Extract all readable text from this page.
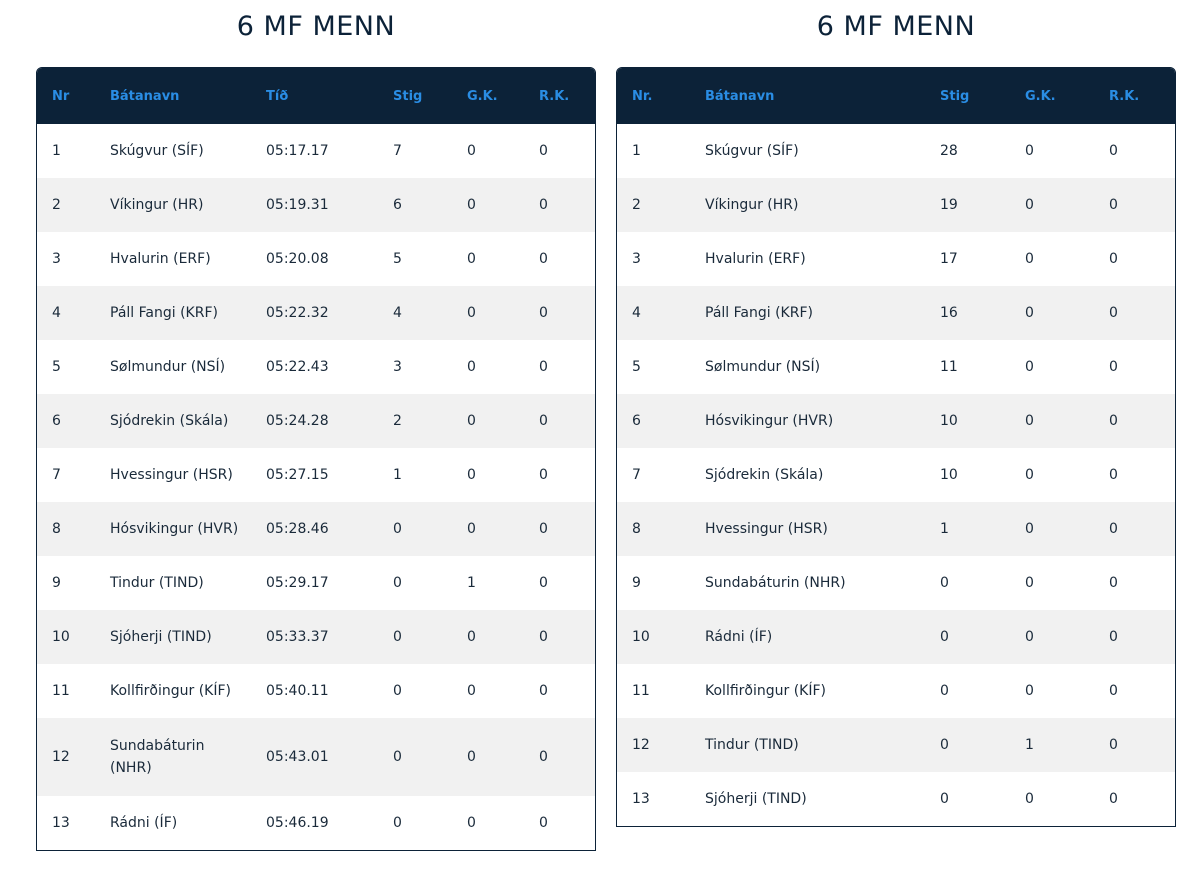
6 MF MENN
Nr	Bátanavn	Tíð	Stig	G.K.	R.K.
1	Skúgvur (SÍF)	05:17.17	7	0	0
2	Víkingur (HR)	05:19.31	6	0	0
3	Hvalurin (ERF)	05:20.08	5	0	0
4	Páll Fangi (KRF)	05:22.32	4	0	0
5	Sølmundur (NSÍ)	05:22.43	3	0	0
6	Sjódrekin (Skála)	05:24.28	2	0	0
7	Hvessingur (HSR)	05:27.15	1	0	0
8	Hósvikingur (HVR)	05:28.46	0	0	0
9	Tindur (TIND)	05:29.17	0	1	0
10	Sjóherji (TIND)	05:33.37	0	0	0
11	Kollfirðingur (KÍF)	05:40.11	0	0	0
12	Sundabáturin (NHR)	05:43.01	0	0	0
13	Rádni (ÍF)	05:46.19	0	0	0
6 MF MENN
Nr.	Bátanavn	Stig	G.K.	R.K.
1	Skúgvur (SÍF)	28	0	0
2	Víkingur (HR)	19	0	0
3	Hvalurin (ERF)	17	0	0
4	Páll Fangi (KRF)	16	0	0
5	Sølmundur (NSÍ)	11	0	0
6	Hósvikingur (HVR)	10	0	0
7	Sjódrekin (Skála)	10	0	0
8	Hvessingur (HSR)	1	0	0
9	Sundabáturin (NHR)	0	0	0
10	Rádni (ÍF)	0	0	0
11	Kollfirðingur (KÍF)	0	0	0
12	Tindur (TIND)	0	1	0
13	Sjóherji (TIND)	0	0	0
